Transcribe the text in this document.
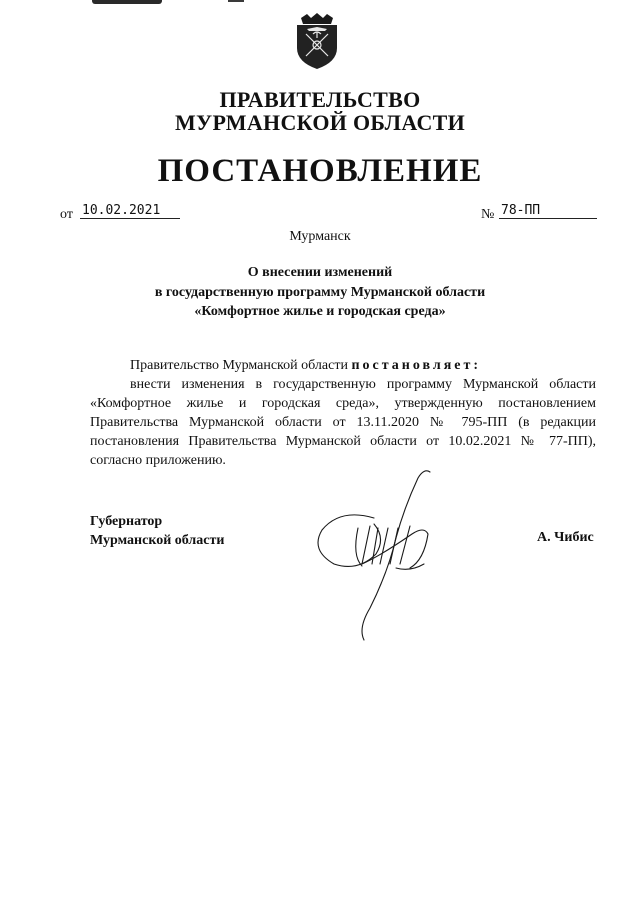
ПРАВИТЕЛЬСТВО
МУРМАНСКОЙ ОБЛАСТИ
ПОСТАНОВЛЕНИЕ
от 10.02.2021	№ 78-ПП
Мурманск
О внесении изменений
в государственную программу Мурманской области
«Комфортное жилье и городская среда»
Правительство Мурманской области постановляет:
внести изменения в государственную программу Мурманской области «Комфортное жилье и городская среда», утвержденную постановлением Правительства Мурманской области от 13.11.2020 № 795-ПП (в редакции постановления Правительства Мурманской области от 10.02.2021 № 77-ПП), согласно приложению.
Губернатор
Мурманской области	А. Чибис
